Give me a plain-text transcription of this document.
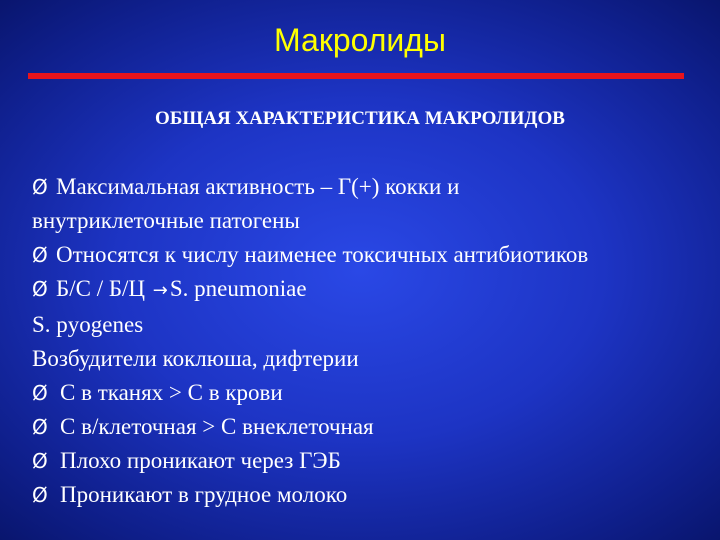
Макролиды
ОБЩАЯ ХАРАКТЕРИСТИКА МАКРОЛИДОВ
Ø Максимальная активность – Г(+) кокки и
внутриклеточные патогены
Ø Относятся к числу наименее токсичных антибиотиков
Ø Б/С / Б/Ц →S. pneumoniae
S. pyogenes
Возбудители коклюша, дифтерии
Ø С в тканях > С в крови
Ø С в/клеточная > С внеклеточная
Ø Плохо проникают через ГЭБ
Ø Проникают в грудное молоко
